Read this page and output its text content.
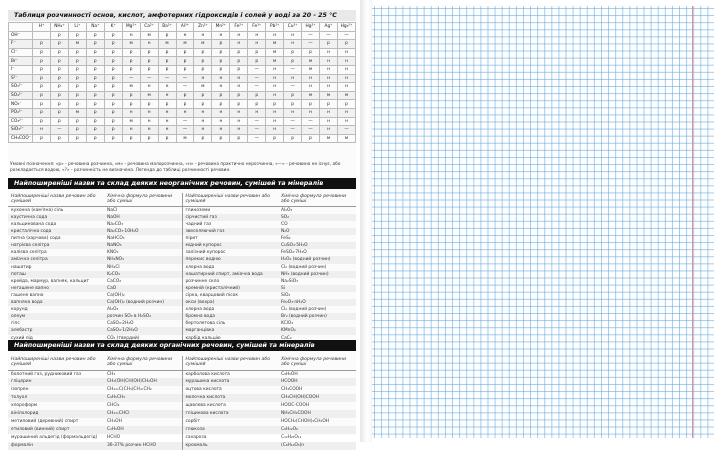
Таблиця розчинності основ, кислот, амфотерних гідроксидів і солей у воді за 20 - 25 °С
	H⁺	NH₄⁺	Li⁺	Na⁺	K⁺	Mg²⁺	Ca²⁺	Ba²⁺	Al³⁺	Zn²⁺	Mn²⁺	Fe²⁺	Fe³⁺	Pb²⁺	Cu²⁺	Hg²⁺	Ag⁺	Hg₂²⁺
OH⁻		р	р	р	р	н	м	р	н	н	н	н	н	н	н	—	—	—
F⁻	р	р	м	р	р	м	н	м	м	м	р	н	н	м	н	—	р	р
Cl⁻	р	р	р	р	р	р	р	р	р	р	р	р	р	м	р	р	н	н
Br⁻	р	р	р	р	р	р	р	р	р	р	р	р	р	м	р	м	н	н
I⁻	р	р	р	р	р	р	р	р	р	р	р	р	—	н	—	м	н	н
S²⁻	р	р	р	р	р	—	—	—	—	н	н	н	—	н	н	н	н	н
SO₃²⁻	р	р	р	р	р	м	н	н	—	м	н	н	—	н	—	н	н	н
SO₄²⁻	р	р	р	р	р	р	м	н	р	р	р	р	р	н	р	м	м	м
NO₃⁻	р	р	р	р	р	р	р	р	р	р	р	р	р	р	р	р	р	р
PO₄³⁻	р	р	м	р	р	н	н	н	н	н	н	н	н	н	н	н	н	н
CO₃²⁻	р	р	р	р	р	м	н	н	—	н	н	н	—	н	—	—	н	н
SiO₃²⁻	н	—	р	р	р	н	н	н	—	н	н	н	—	н	—	—	н	—
CH₃COO⁻	р	р	р	р	р	р	р	р	м	р	р	р	—	р	р	р	м	м
Умовні позначення: «р» - речовина розчинна, «м» - речовина малорозчинна, «н» - речовина практично нерозчинна, «—» - речовина не існує, або розкладається водою, «?» - розчинність не визначена. Легенда до таблиці розчинності речовин.
Найпоширеніші назви та склад деяких неорганічних речовин, сумішей та мінералів
Найпоширеніші назви речовин або сумішей	Хімічна формула речовини або суміші	Найпоширеніші назви речовин або сумішей	Хімічна формула речовини або суміші
кухонна (кам'яна) сіль	NaCl	глиноземи	Al₂O₃
каустична сода	NaOH	сірчистий газ	SO₂
кальцинована сода	Na₂CO₃	чадний газ	CO
кристалічна сода	Na₂CO₃·10H₂O	звеселяючий газ	N₂O
питна (харчова) сода	NaHCO₃	пірит	FeS₂
натрієва селітра	NaNO₃	мідний купорос	CuSO₄·5H₂O
калієва селітра	KNO₃	залізний купорос	FeSO₄·7H₂O
аміачна селітра	NH₄NO₃	перекис водню	H₂O₂ (водний розчин)
нашатир	NH₄Cl	хлорна вода	Cl₂ (водний розчин)
поташ	K₂CO₃	нашатирний спирт, аміачна вода	NH₃ (водний розчин)
крейда, мармур, вапняк, кальцит	CaCO₃	розчинне скло	Na₂SiO₃
негашене вапно	CaO	кремній (кристалічний)	Si
гашене вапно	Ca(OH)₂	сірка, кварцовий пісок	SiO₂
вапняна вода	Ca(OH)₂ (водний розчин)	окси (вохра)	Fe₂O₃·nH₂O
корунд	Al₂O₃	хлорна вода	Cl₂ (водний розчин)
олеум	розчин SO₃ в H₂SO₄	бромна вода	Br₂ (водний розчин)
гіпс	CaSO₄·2H₂O	бертолетова сіль	KClO₃
алебастр	CaSO₄·1/2H₂O	марганцівка	KMnO₄
сухий лід	CO₂ (твердий)	карбід кальцію	CaC₂
Найпоширеніші назви та склад деяких органічних речовин, сумішей та мінералів
Найпоширеніші назви речовин або сумішей	Хімічна формула речовини або суміші	Найпоширеніші назви речовин або сумішей	Хімічна формула речовини або суміші
болотний газ, рудниковий газ	CH₄	карболова кислота	C₆H₅OH
гліцерин	CH₂(OH)CH(OH)CH₂OH	мурашина кислота	HCOOH
ізопрен	CH₂=C(CH₃)CH=CH₂	оцтова кислота	CH₃COOH
толуол	C₆H₅CH₃	молочна кислота	CH₃CH(OH)COOH
хлороформ	CHCl₃	щавлева кислота	HOOC-COOH
вінілхлорид	CH₂=CHCl	гліцинова кислота	NH₂CH₂COOH
метиловий (деревний) спирт	CH₃OH	сорбіт	HOCH₂(CHOH)₄CH₂OH
етиловий (винний) спирт	C₂H₅OH	глюкоза	C₆H₁₂O₆
мурашиний альдегід (формальдегід)	HCHO	сахароза	C₁₂H₂₂O₁₁
формалін	36-37% розчин HCHO	крохмаль	(C₆H₁₀O₅)n
